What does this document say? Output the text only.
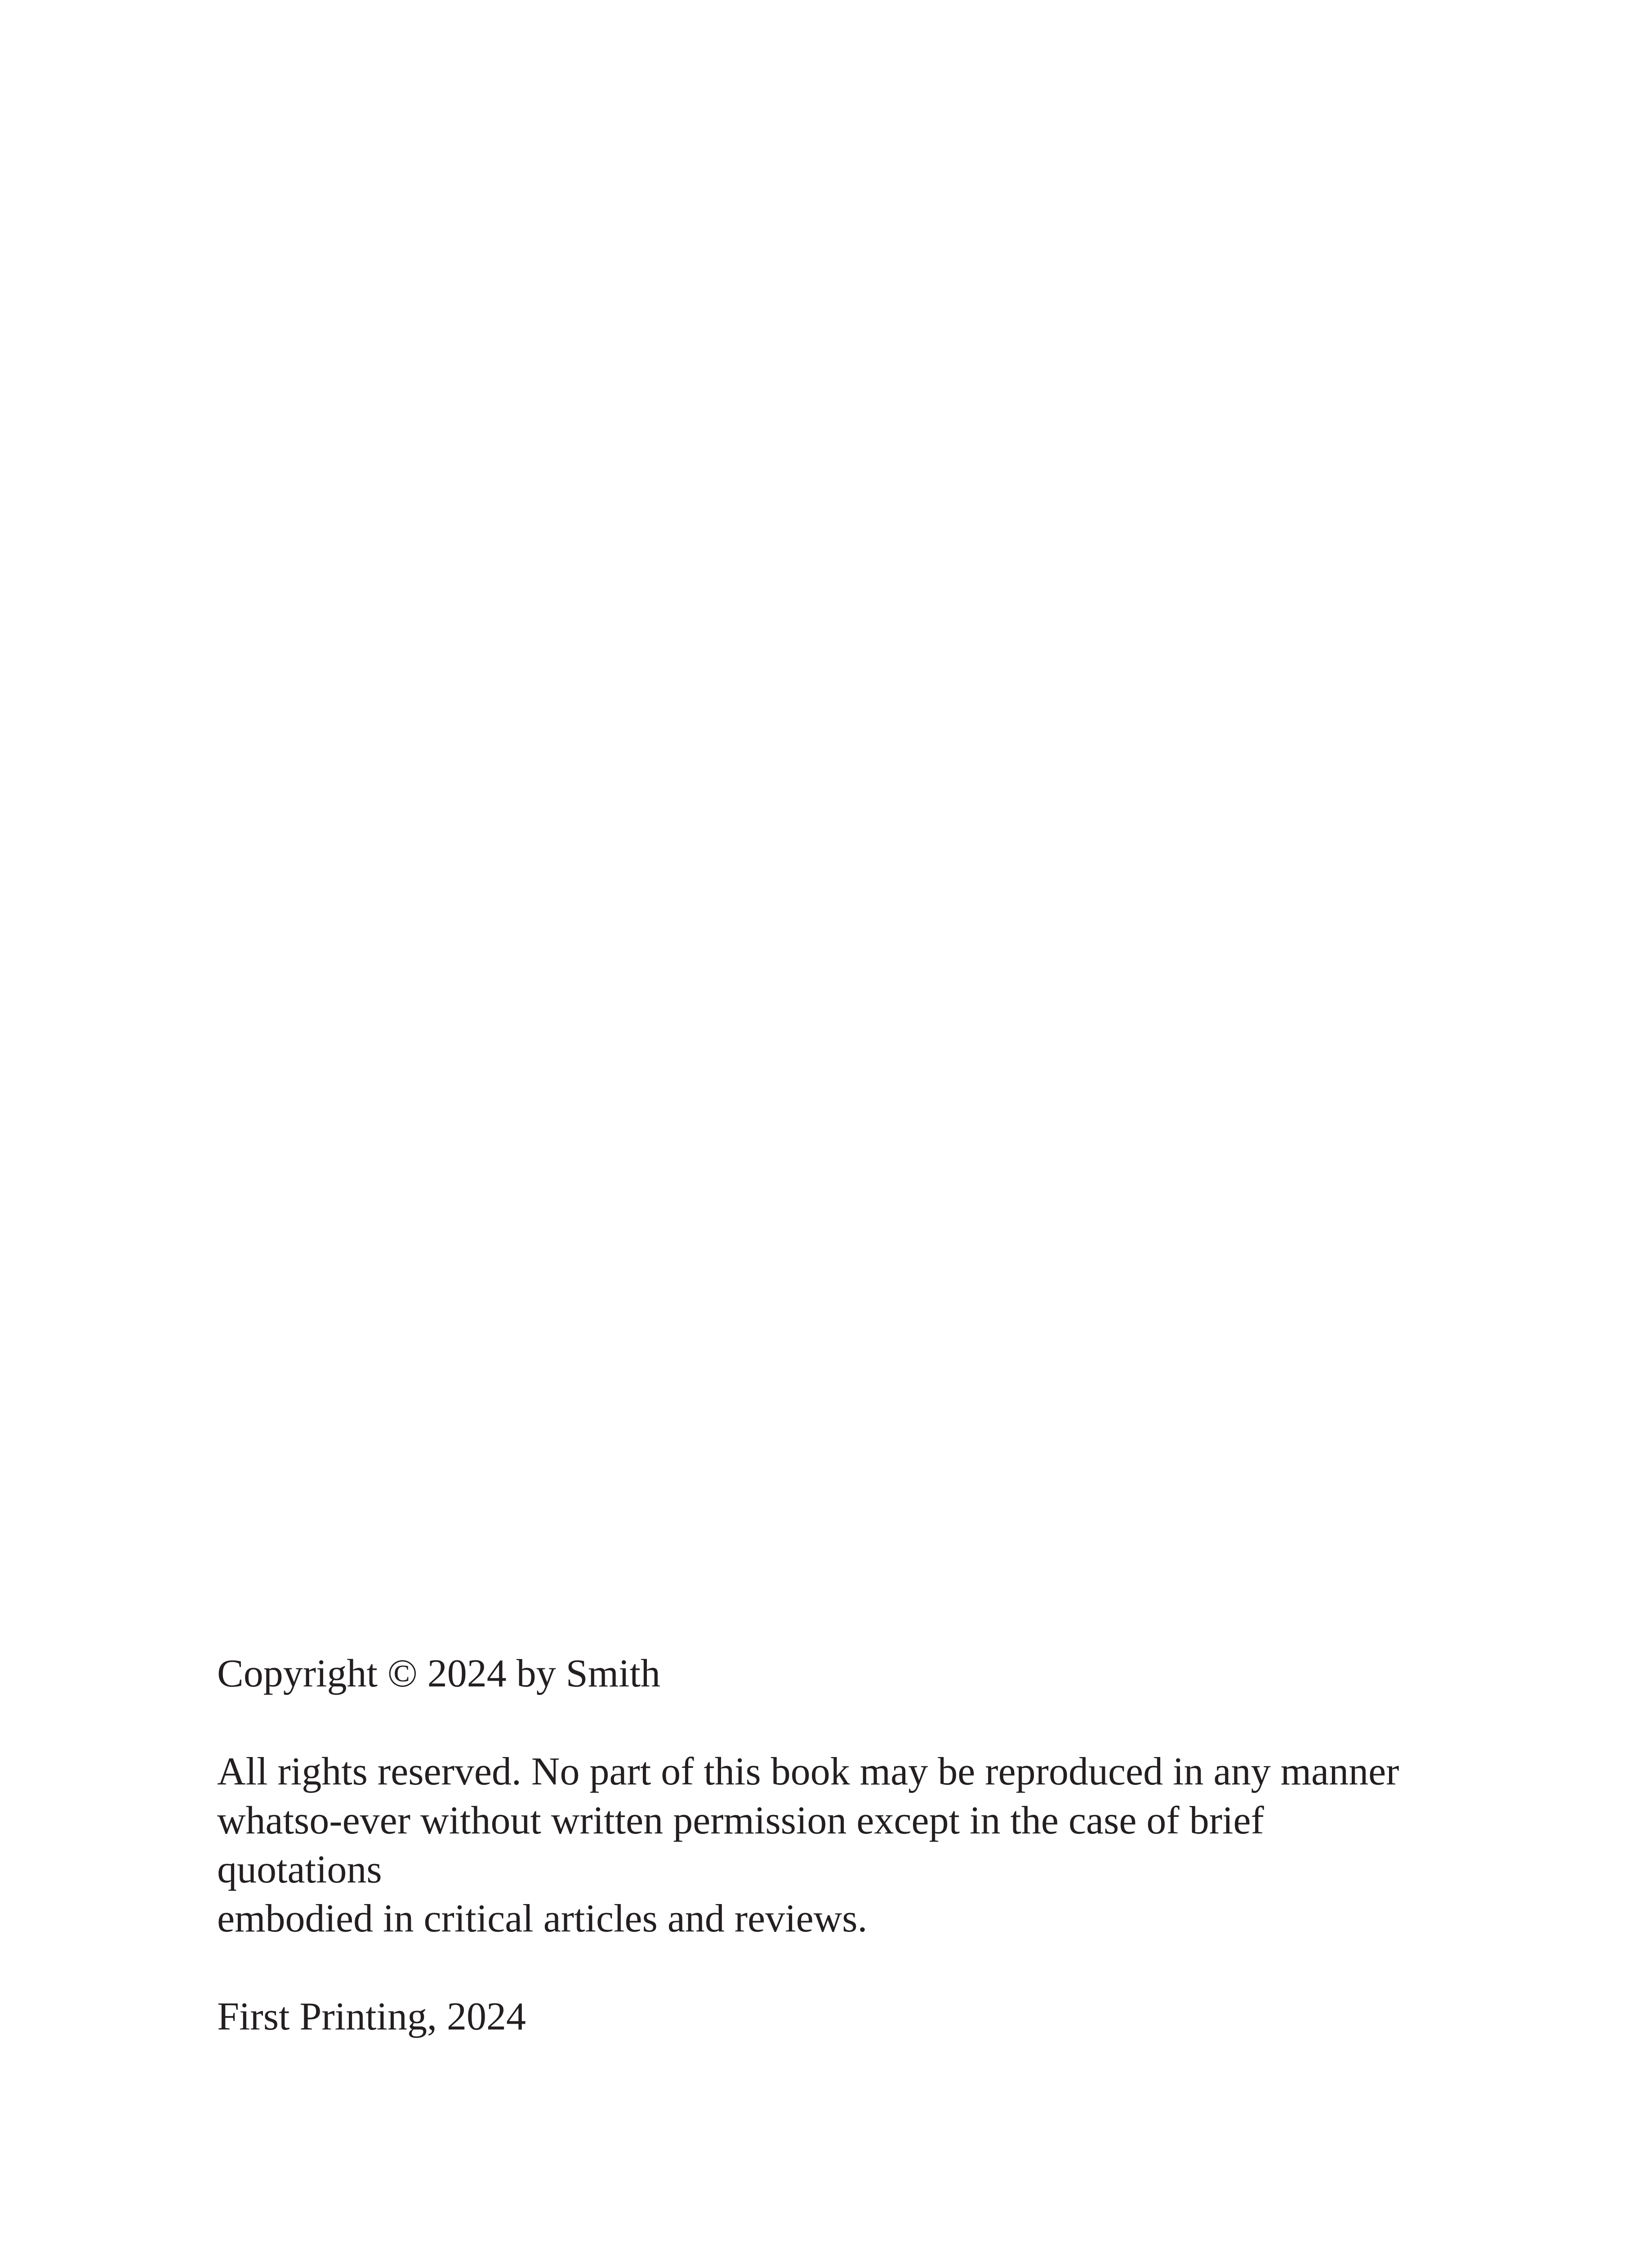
Copyright © 2024 by Smith

All rights reserved. No part of this book may be reproduced in any manner

whatso-ever without written permission except in the case of brief

quotations

embodied in critical articles and reviews.

First Printing, 2024
